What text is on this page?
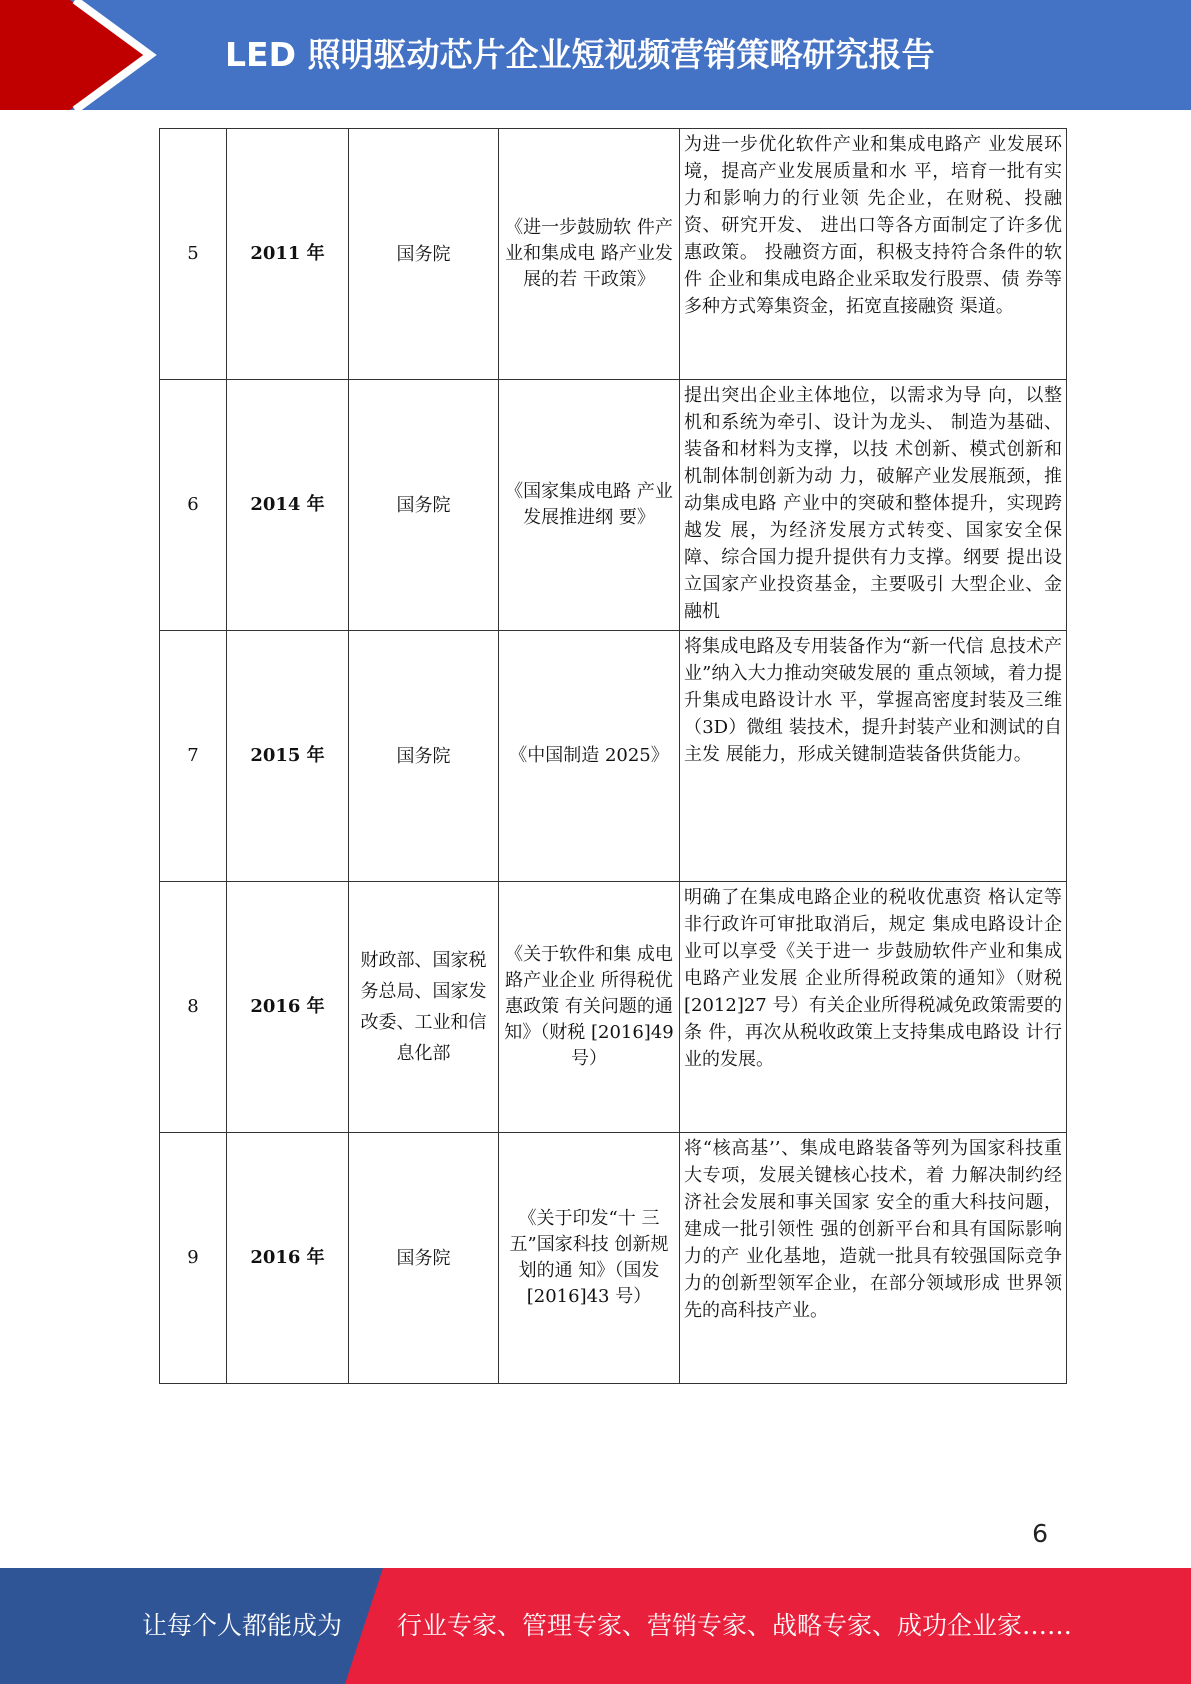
LED 照明驱动芯片企业短视频营销策略研究报告
5	2011 年	国务院	《进一步鼓励软 件产业和集成电 路产业发展的若 干政策》	为进一步优化软件产业和集成电路产 业发展环境，提高产业发展质量和水 平，培育一批有实力和影响力的行业领 先企业，在财税、投融资、研究开发、 进出口等各方面制定了许多优惠政策。 投融资方面，积极支持符合条件的软件 企业和集成电路企业采取发行股票、债 券等多种方式筹集资金，拓宽直接融资 渠道。

6	2014 年	国务院	《国家集成电路 产业发展推进纲 要》	提出突出企业主体地位，以需求为导 向，以整机和系统为牵引、设计为龙头、 制造为基础、装备和材料为支撑，以技 术创新、模式创新和机制体制创新为动 力，破解产业发展瓶颈，推动集成电路 产业中的突破和整体提升，实现跨越发 展，为经济发展方式转变、国家安全保 障、综合国力提升提供有力支撑。纲要 提出设立国家产业投资基金，主要吸引 大型企业、金融机

7	2015 年	国务院	《中国制造 2025》	将集成电路及专用装备作为“新一代信 息技术产业”纳入大力推动突破发展的 重点领域，着力提升集成电路设计水 平，掌握高密度封装及三维（3D）微组 装技术，提升封装产业和测试的自主发 展能力，形成关键制造装备供货能力。

8	2016 年	财政部、国家税务总局、国家发改委、工业和信息化部	《关于软件和集 成电路产业企业 所得税优惠政策 有关问题的通 知》（财税 [2016]49 号）	明确了在集成电路企业的税收优惠资 格认定等非行政许可审批取消后，规定 集成电路设计企业可以享受《关于进一 步鼓励软件产业和集成电路产业发展 企业所得税政策的通知》（财税[2012]27 号）有关企业所得税减免政策需要的条 件，再次从税收政策上支持集成电路设 计行业的发展。

9	2016 年	国务院	《关于印发“十 三五”国家科技 创新规划的通 知》（国发 [2016]43 号）	将“核高基’’、集成电路装备等列为国家科技重大专项，发展关键核心技术，着 力解决制约经济社会发展和事关国家 安全的重大科技问题，建成一批引领性 强的创新平台和具有国际影响力的产 业化基地，造就一批具有较强国际竞争 力的创新型领军企业，在部分领域形成 世界领先的高科技产业。
6
让每个人都能成为 行业专家、管理专家、营销专家、战略专家、成功企业家……
